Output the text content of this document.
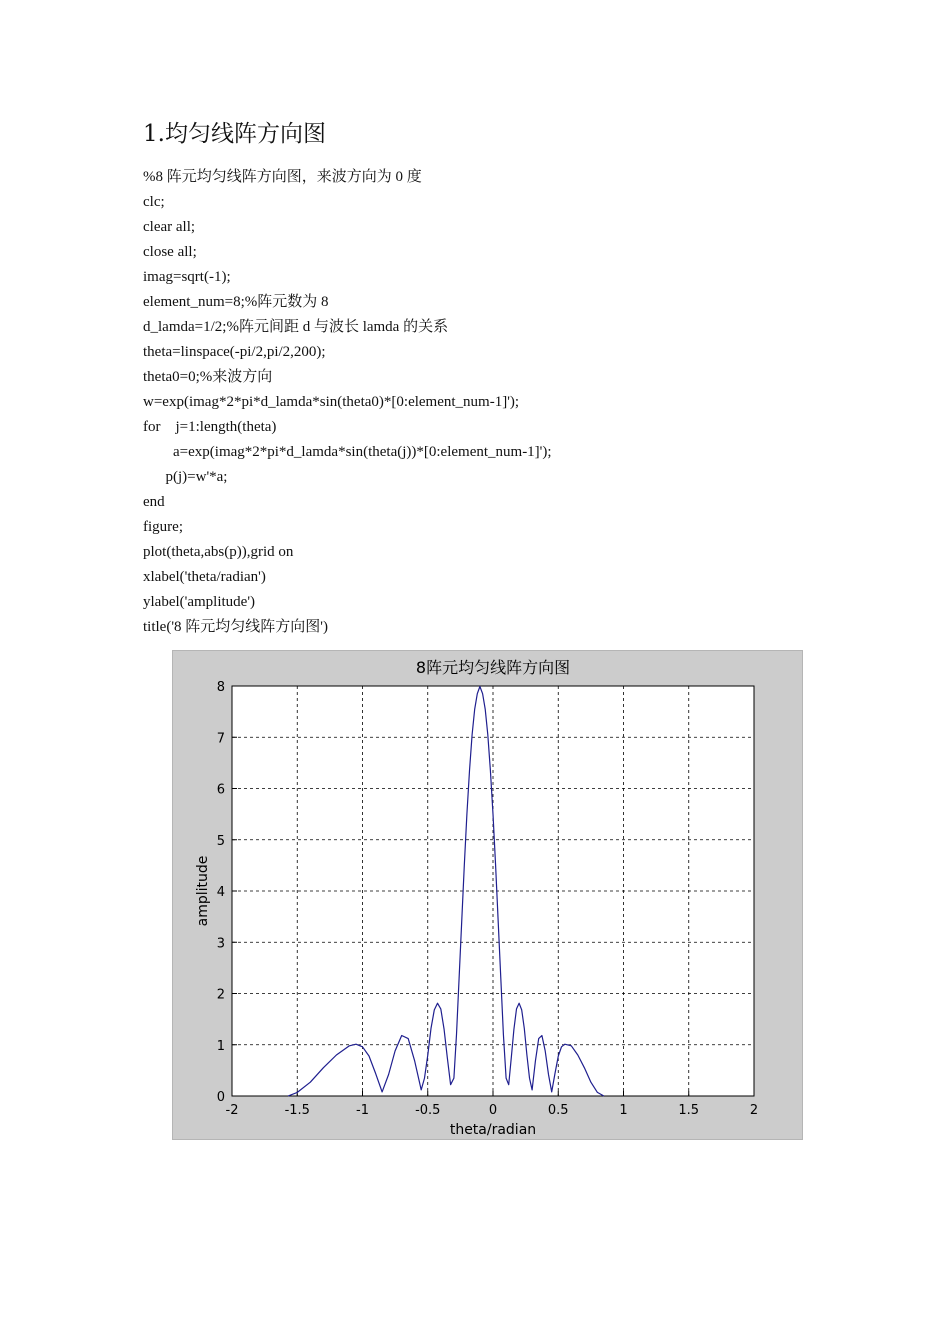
1.均匀线阵方向图
%8 阵元均匀线阵方向图，来波方向为 0 度
clc;
clear all;
close all;
imag=sqrt(-1);
element_num=8;%阵元数为 8
d_lamda=1/2;%阵元间距 d 与波长 lamda 的关系
theta=linspace(-pi/2,pi/2,200);
theta0=0;%来波方向
w=exp(imag*2*pi*d_lamda*sin(theta0)*[0:element_num-1]');
for    j=1:length(theta)
a=exp(imag*2*pi*d_lamda*sin(theta(j))*[0:element_num-1]');
p(j)=w'*a;
end
figure;
plot(theta,abs(p)),grid on
xlabel('theta/radian')
ylabel('amplitude')
title('8 阵元均匀线阵方向图')
-2	-1.5	-1	-0.5	0	0.5	1	1.5	2
0
1
2
3
4
5
6
7
8
8阵元均匀线阵方向图
theta/radian
amplitude
